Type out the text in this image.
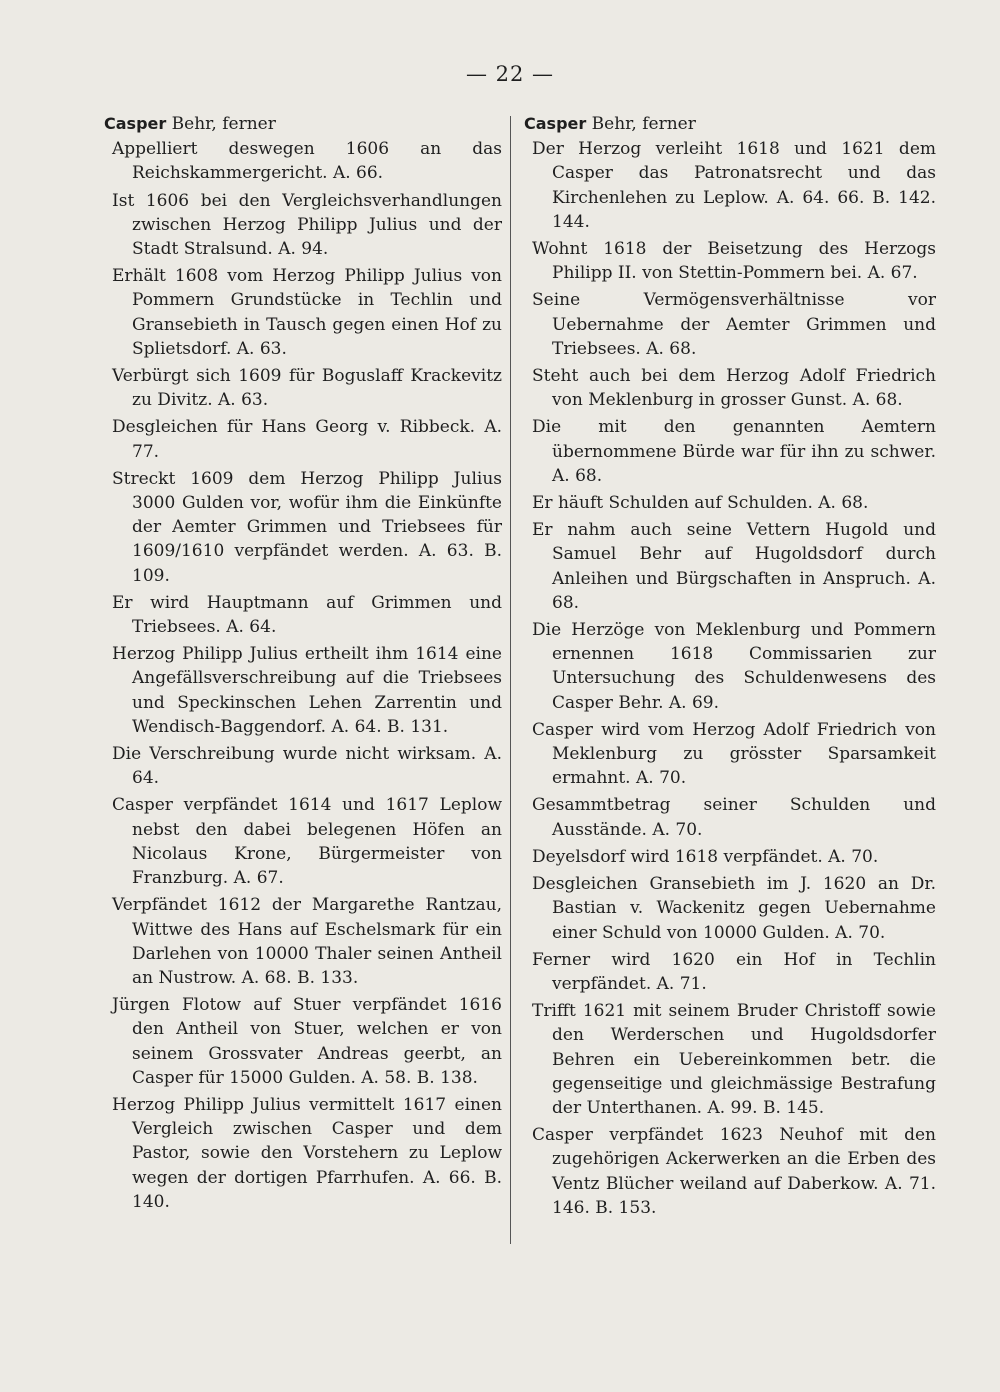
— 22 —

Casper Behr, ferner

Appelliert deswegen 1606 an das Reichskammergericht. A. 66.

Ist 1606 bei den Vergleichsverhandlungen zwischen Herzog Philipp Julius und der Stadt Stralsund. A. 94.

Erhält 1608 vom Herzog Philipp Julius von Pommern Grundstücke in Techlin und Gransebieth in Tausch gegen einen Hof zu Splietsdorf. A. 63.

Verbürgt sich 1609 für Boguslaff Krackevitz zu Divitz. A. 63.

Desgleichen für Hans Georg v. Ribbeck. A. 77.

Streckt 1609 dem Herzog Philipp Julius 3000 Gulden vor, wofür ihm die Einkünfte der Aemter Grimmen und Triebsees für 1609/1610 verpfändet werden. A. 63. B. 109.

Er wird Hauptmann auf Grimmen und Triebsees. A. 64.

Herzog Philipp Julius ertheilt ihm 1614 eine Angefällsverschreibung auf die Triebsees und Speckinschen Lehen Zarrentin und Wendisch-Baggendorf. A. 64. B. 131.

Die Verschreibung wurde nicht wirksam. A. 64.

Casper verpfändet 1614 und 1617 Leplow nebst den dabei belegenen Höfen an Nicolaus Krone, Bürgermeister von Franzburg. A. 67.

Verpfändet 1612 der Margarethe Rantzau, Wittwe des Hans auf Eschelsmark für ein Darlehen von 10000 Thaler seinen Antheil an Nustrow. A. 68. B. 133.

Jürgen Flotow auf Stuer verpfändet 1616 den Antheil von Stuer, welchen er von seinem Grossvater Andreas geerbt, an Casper für 15000 Gulden. A. 58. B. 138.

Herzog Philipp Julius vermittelt 1617 einen Vergleich zwischen Casper und dem Pastor, sowie den Vorstehern zu Leplow wegen der dortigen Pfarrhufen. A. 66. B. 140.

Casper Behr, ferner

Der Herzog verleiht 1618 und 1621 dem Casper das Patronatsrecht und das Kirchenlehen zu Leplow. A. 64. 66. B. 142. 144.

Wohnt 1618 der Beisetzung des Herzogs Philipp II. von Stettin-Pommern bei. A. 67.

Seine Vermögensverhältnisse vor Uebernahme der Aemter Grimmen und Triebsees. A. 68.

Steht auch bei dem Herzog Adolf Friedrich von Meklenburg in grosser Gunst. A. 68.

Die mit den genannten Aemtern übernommene Bürde war für ihn zu schwer. A. 68.

Er häuft Schulden auf Schulden. A. 68.

Er nahm auch seine Vettern Hugold und Samuel Behr auf Hugoldsdorf durch Anleihen und Bürgschaften in Anspruch. A. 68.

Die Herzöge von Meklenburg und Pommern ernennen 1618 Commissarien zur Untersuchung des Schuldenwesens des Casper Behr. A. 69.

Casper wird vom Herzog Adolf Friedrich von Meklenburg zu grösster Sparsamkeit ermahnt. A. 70.

Gesammtbetrag seiner Schulden und Ausstände. A. 70.

Deyelsdorf wird 1618 verpfändet. A. 70.

Desgleichen Gransebieth im J. 1620 an Dr. Bastian v. Wackenitz gegen Uebernahme einer Schuld von 10000 Gulden. A. 70.

Ferner wird 1620 ein Hof in Techlin verpfändet. A. 71.

Trifft 1621 mit seinem Bruder Christoff sowie den Werderschen und Hugoldsdorfer Behren ein Uebereinkommen betr. die gegenseitige und gleichmässige Bestrafung der Unterthanen. A. 99. B. 145.

Casper verpfändet 1623 Neuhof mit den zugehörigen Ackerwerken an die Erben des Ventz Blücher weiland auf Daberkow. A. 71. 146. B. 153.
